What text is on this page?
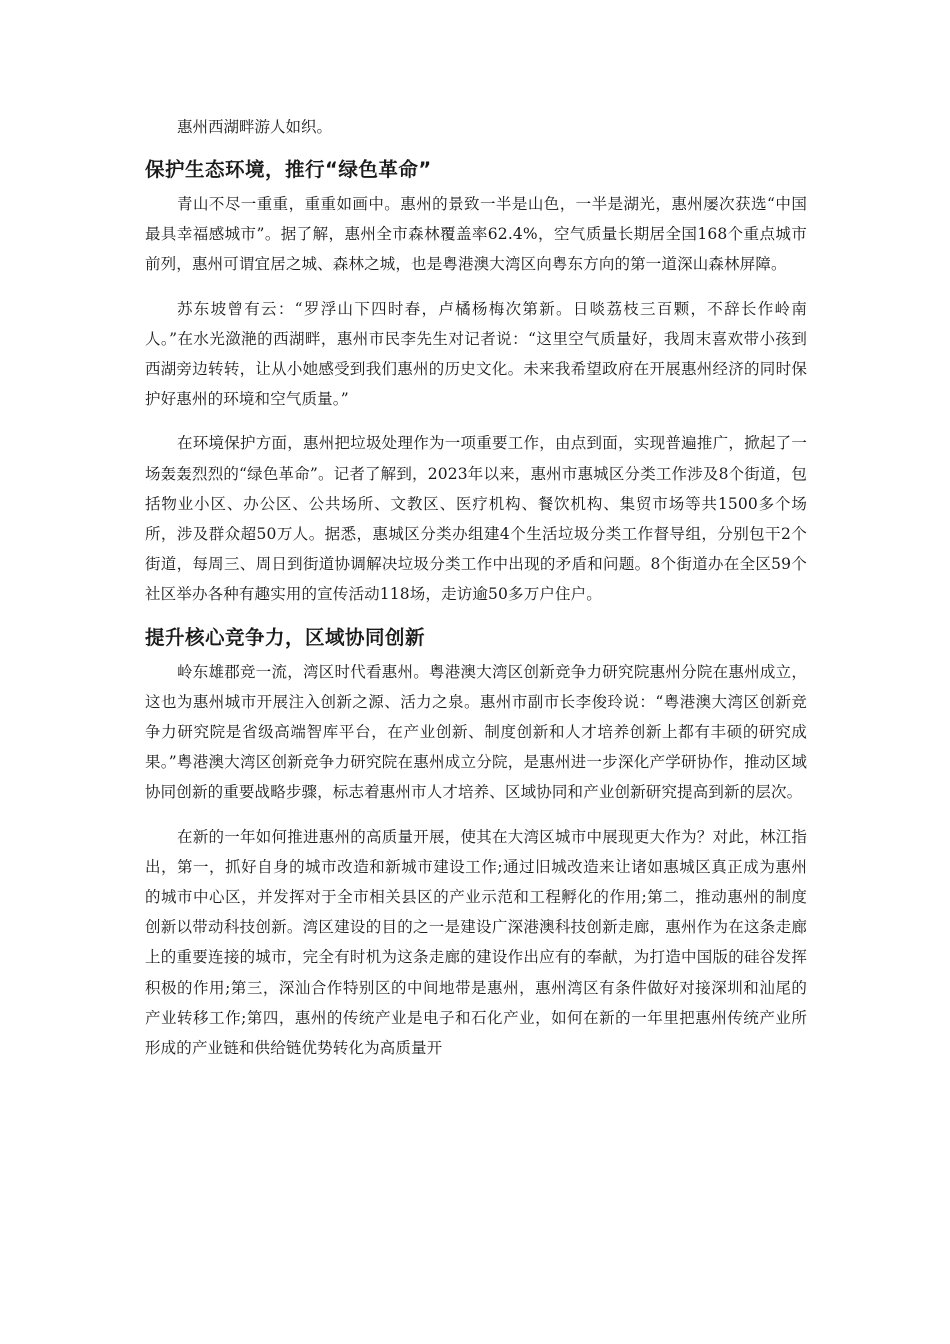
惠州西湖畔游人如织。

保护生态环境，推行“绿色革命”

青山不尽一重重，重重如画中。惠州的景致一半是山色，一半是湖光，惠州屡次获选“中国最具幸福感城市”。据了解，惠州全市森林覆盖率62.4%，空气质量长期居全国168个重点城市前列，惠州可谓宜居之城、森林之城，也是粤港澳大湾区向粤东方向的第一道深山森林屏障。

苏东坡曾有云：“罗浮山下四时春，卢橘杨梅次第新。日啖荔枝三百颗，不辞长作岭南人。”在水光潋滟的西湖畔，惠州市民李先生对记者说：“这里空气质量好，我周末喜欢带小孩到西湖旁边转转，让从小她感受到我们惠州的历史文化。未来我希望政府在开展惠州经济的同时保护好惠州的环境和空气质量。”

在环境保护方面，惠州把垃圾处理作为一项重要工作，由点到面，实现普遍推广，掀起了一场轰轰烈烈的“绿色革命”。记者了解到，2023年以来，惠州市惠城区分类工作涉及8个街道，包括物业小区、办公区、公共场所、文教区、医疗机构、餐饮机构、集贸市场等共1500多个场所，涉及群众超50万人。据悉，惠城区分类办组建4个生活垃圾分类工作督导组，分别包干2个街道，每周三、周日到街道协调解决垃圾分类工作中出现的矛盾和问题。8个街道办在全区59个社区举办各种有趣实用的宣传活动118场，走访逾50多万户住户。

提升核心竞争力，区域协同创新

岭东雄郡竞一流，湾区时代看惠州。粤港澳大湾区创新竞争力研究院惠州分院在惠州成立，这也为惠州城市开展注入创新之源、活力之泉。惠州市副市长李俊玲说：“粤港澳大湾区创新竞争力研究院是省级高端智库平台，在产业创新、制度创新和人才培养创新上都有丰硕的研究成果。”粤港澳大湾区创新竞争力研究院在惠州成立分院，是惠州进一步深化产学研协作，推动区域协同创新的重要战略步骤，标志着惠州市人才培养、区域协同和产业创新研究提高到新的层次。

在新的一年如何推进惠州的高质量开展，使其在大湾区城市中展现更大作为？对此，林江指出，第一，抓好自身的城市改造和新城市建设工作;通过旧城改造来让诸如惠城区真正成为惠州的城市中心区，并发挥对于全市相关县区的产业示范和工程孵化的作用;第二，推动惠州的制度创新以带动科技创新。湾区建设的目的之一是建设广深港澳科技创新走廊，惠州作为在这条走廊上的重要连接的城市，完全有时机为这条走廊的建设作出应有的奉献，为打造中国版的硅谷发挥积极的作用;第三，深汕合作特别区的中间地带是惠州，惠州湾区有条件做好对接深圳和汕尾的产业转移工作;第四，惠州的传统产业是电子和石化产业，如何在新的一年里把惠州传统产业所形成的产业链和供给链优势转化为高质量开
